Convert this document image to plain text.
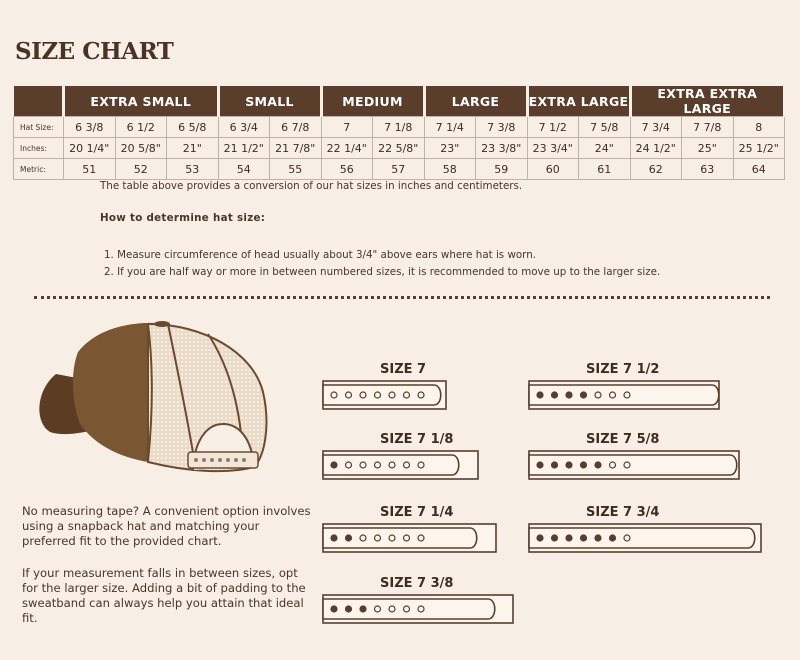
SIZE CHART
	EXTRA SMALL			SMALL		MEDIUM		LARGE		EXTRA LARGE		EXTRA EXTRA LARGE		
Hat Size:	6 3/8	6 1/2	6 5/8	6 3/4	6 7/8	7	7 1/8	7 1/4	7 3/8	7 1/2	7 5/8	7 3/4	7 7/8	8
Inches:	20 1/4"	20 5/8"	21"	21 1/2"	21 7/8"	22 1/4"	22 5/8"	23"	23 3/8"	23 3/4"	24"	24 1/2"	25"	25 1/2"
Metric:	51	52	53	54	55	56	57	58	59	60	61	62	63	64
The table above provides a conversion of our hat sizes in inches and centimeters.
How to determine hat size:
1. Measure circumference of head usually about 3/4" above ears where hat is worn.
2. If you are half way or more in between numbered sizes, it is recommended to move up to the larger size.
No measuring tape? A convenient option involves using a snapback hat and matching your preferred fit to the provided chart.
If your measurement falls in between sizes, opt for the larger size. Adding a bit of padding to the sweatband can always help you attain that ideal fit.
SIZE 7
SIZE 7 1/8
SIZE 7 1/4
SIZE 7 3/8
SIZE 7 1/2
SIZE 7 5/8
SIZE 7 3/4
